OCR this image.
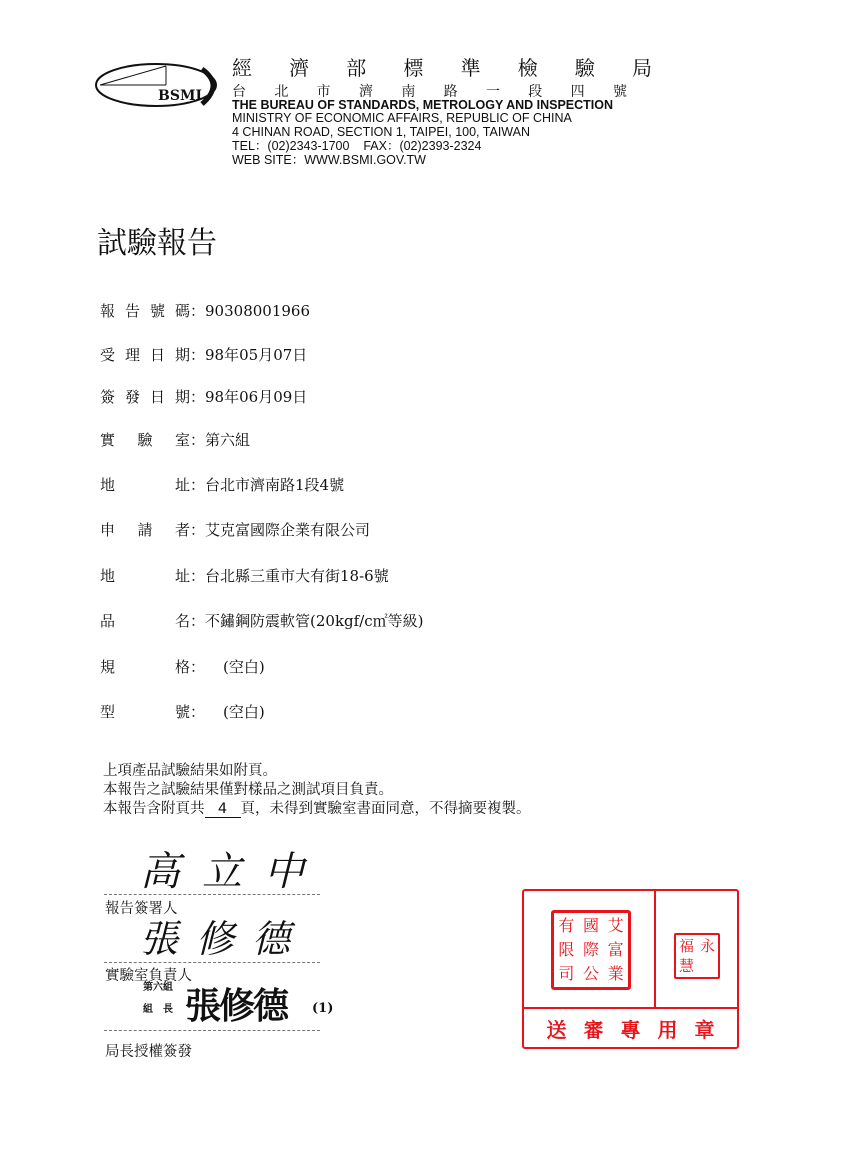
BSMI
經 濟 部 標 準 檢 驗 局
台 北 市 濟 南 路 一 段 四 號
THE BUREAU OF STANDARDS, METROLOGY AND INSPECTION
MINISTRY OF ECONOMIC AFFAIRS, REPUBLIC OF CHINA
4 CHINAN ROAD, SECTION 1, TAIPEI, 100, TAIWAN
TEL：(02)2343-1700    FAX：(02)2393-2324
WEB SITE：WWW.BSMI.GOV.TW
試驗報告
報 告 號 碼 ： 90308001966
受 理 日 期 ： 98年05月07日
簽 發 日 期 ： 98年06月09日
實 驗 室 ： 第六組
地	址 ： 台北市濟南路1段4號
申 請 者 ： 艾克富國際企業有限公司
地	址 ： 台北縣三重市大有街18-6號
品	名 ： 不鏽鋼防震軟管(20kgf/c㎡等級)
規	格 ： (空白)
型	號 ： (空白)
上項產品試驗結果如附頁。
本報告之試驗結果僅對樣品之測試項目負責。
本報告含附頁共 4 頁，未得到實驗室書面同意，不得摘要複製。
高立中
報告簽署人
張修德
實驗室負責人
第六組
組長 張修德 (1)
局長授權簽發
有 國 艾
限 際 富
司 公 業
福 永
慧
送 審 專 用 章
